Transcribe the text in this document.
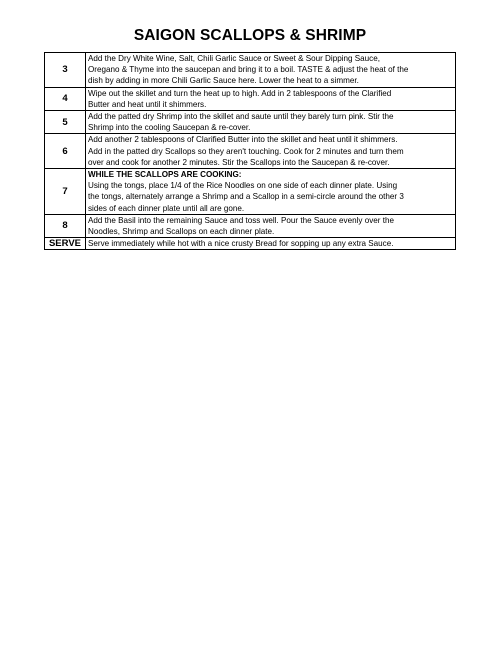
SAIGON SCALLOPS & SHRIMP
3	Add the Dry White Wine, Salt, Chili Garlic Sauce or Sweet & Sour Dipping Sauce,
Oregano & Thyme into the saucepan and bring it to a boil. TASTE & adjust the heat of the
dish by adding in more Chili Garlic Sauce here. Lower the heat to a simmer.

4	Wipe out the skillet and turn the heat up to high. Add in 2 tablespoons of the Clarified
Butter and heat until it shimmers.

5	Add the patted dry Shrimp into the skillet and saute until they barely turn pink. Stir the
Shrimp into the cooling Saucepan & re-cover.

6	Add another 2 tablespoons of Clarified Butter into the skillet and heat until it shimmers.
Add in the patted dry Scallops so they aren't touching. Cook for 2 minutes and turn them
over and cook for another 2 minutes. Stir the Scallops into the Saucepan & re-cover.

7	WHILE THE SCALLOPS ARE COOKING:
Using the tongs, place 1/4 of the Rice Noodles on one side of each dinner plate. Using
the tongs, alternately arrange a Shrimp and a Scallop in a semi-circle around the other 3
sides of each dinner plate until all are gone.

8	Add the Basil into the remaining Sauce and toss well. Pour the Sauce evenly over the
Noodles, Shrimp and Scallops on each dinner plate.

SERVE	Serve immediately while hot with a nice crusty Bread for sopping up any extra Sauce.
